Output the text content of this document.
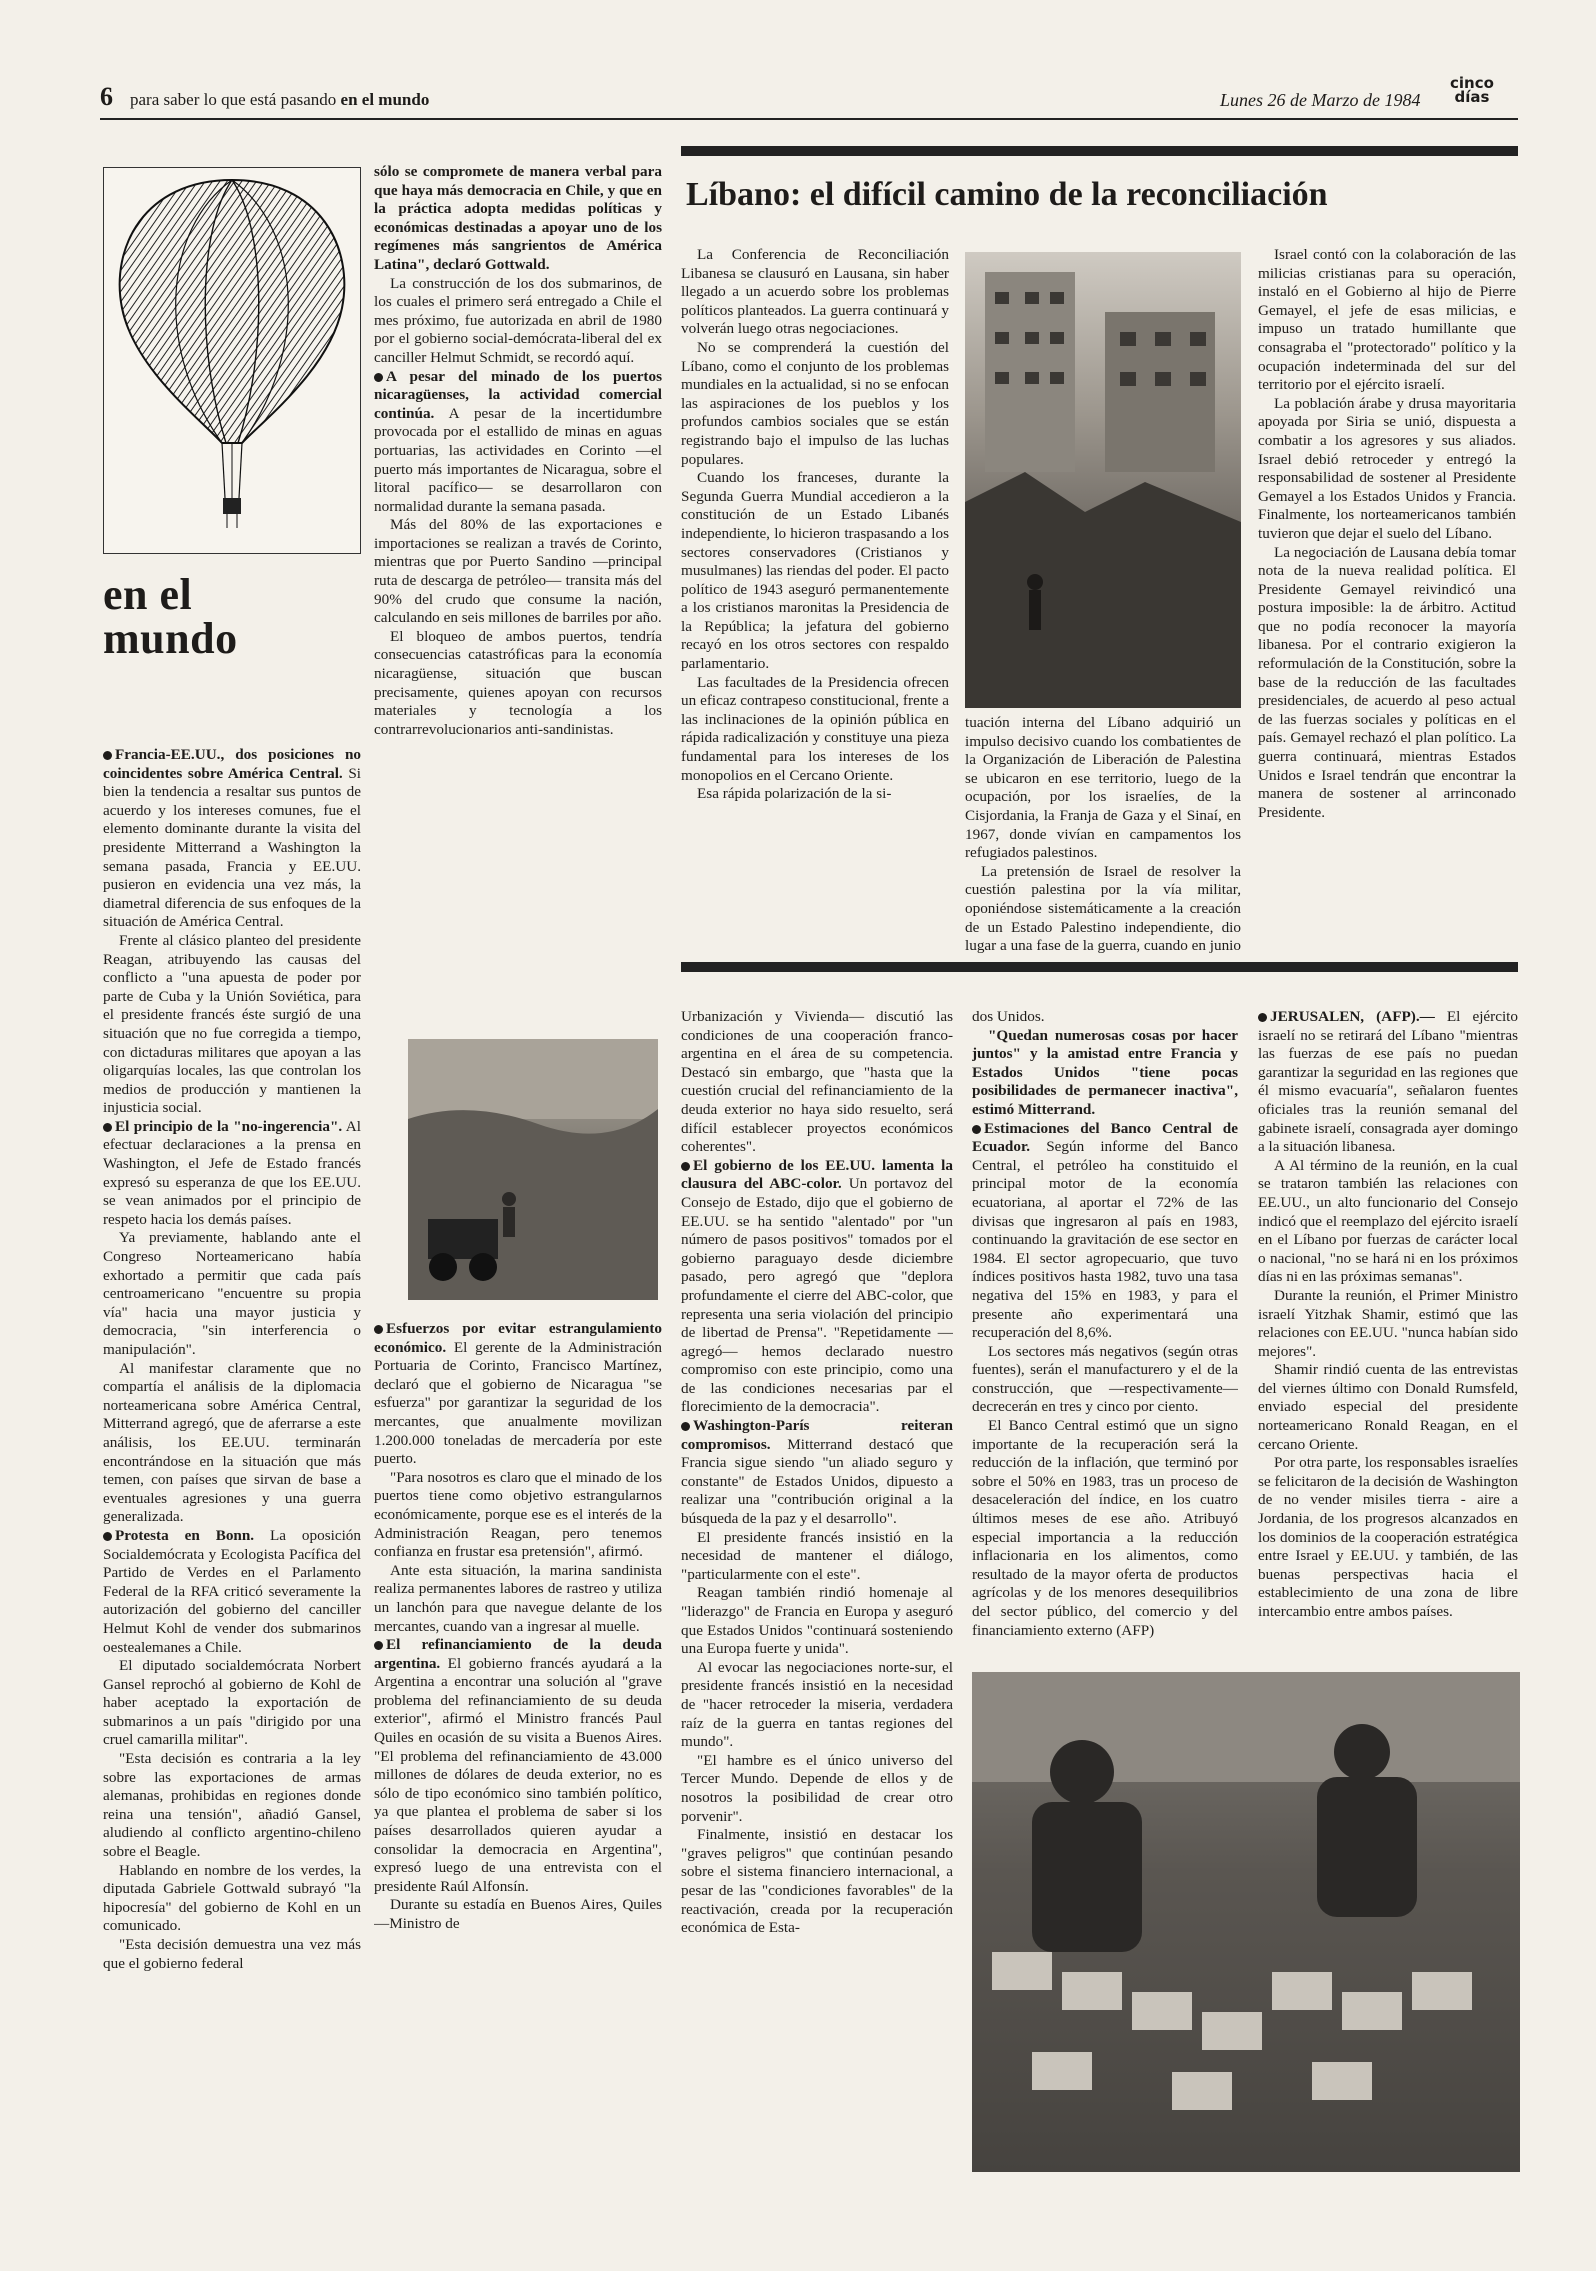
6 para saber lo que está pasando en el mundo	Lunes 26 de Marzo de 1984
cinco
días
en el
mundo

Francia-EE.UU., dos posiciones no coincidentes sobre América Central. Si bien la tendencia a resaltar sus puntos de acuerdo y los intereses comunes, fue el elemento dominante durante la visita del presidente Mitterrand a Washington la semana pasada, Francia y EE.UU. pusieron en evidencia una vez más, la diametral diferencia de sus enfoques de la situación de América Central.

Frente al clásico planteo del presidente Reagan, atribuyendo las causas del conflicto a "una apuesta de poder por parte de Cuba y la Unión Soviética, para el presidente francés éste surgió de una situación que no fue corregida a tiempo, con dictaduras militares que apoyan a las oligarquías locales, las que controlan los medios de producción y mantienen la injusticia social.

El principio de la "no-ingerencia". Al efectuar declaraciones a la prensa en Washington, el Jefe de Estado francés expresó su esperanza de que los EE.UU. se vean animados por el principio de respeto hacia los demás países.

Ya previamente, hablando ante el Congreso Norteamericano había exhortado a permitir que cada país centroamericano "encuentre su propia vía" hacia una mayor justicia y democracia, "sin interferencia o manipulación".

Al manifestar claramente que no compartía el análisis de la diplomacia norteamericana sobre América Central, Mitterrand agregó, que de aferrarse a este análisis, los EE.UU. terminarán encontrándose en la situación que más temen, con países que sirvan de base a eventuales agresiones y una guerra generalizada.

Protesta en Bonn. La oposición Socialdemócrata y Ecologista Pacífica del Partido de Verdes en el Parlamento Federal de la RFA criticó severamente la autorización del gobierno del canciller Helmut Kohl de vender dos submarinos oestealemanes a Chile.

El diputado socialdemócrata Norbert Gansel reprochó al gobierno de Kohl de haber aceptado la exportación de submarinos a un país "dirigido por una cruel camarilla militar".

"Esta decisión es contraria a la ley sobre las exportaciones de armas alemanas, prohibidas en regiones donde reina una tensión", añadió Gansel, aludiendo al conflicto argentino-chileno sobre el Beagle.

Hablando en nombre de los verdes, la diputada Gabriele Gottwald subrayó "la hipocresía" del gobierno de Kohl en un comunicado.

"Esta decisión demuestra una vez más que el gobierno federal

sólo se compromete de manera verbal para que haya más democracia en Chile, y que en la práctica adopta medidas políticas y económicas destinadas a apoyar uno de los regímenes más sangrientos de América Latina", declaró Gottwald.

La construcción de los dos submarinos, de los cuales el primero será entregado a Chile el mes próximo, fue autorizada en abril de 1980 por el gobierno social-demócrata-liberal del ex canciller Helmut Schmidt, se recordó aquí.

A pesar del minado de los puertos nicaragüenses, la actividad comercial continúa. A pesar de la incertidumbre provocada por el estallido de minas en aguas portuarias, las actividades en Corinto —el puerto más importantes de Nicaragua, sobre el litoral pacífico— se desarrollaron con normalidad durante la semana pasada.

Más del 80% de las exportaciones e importaciones se realizan a través de Corinto, mientras que por Puerto Sandino —principal ruta de descarga de petróleo— transita más del 90% del crudo que consume la nación, calculando en seis millones de barriles por año.

El bloqueo de ambos puertos, tendría consecuencias catastróficas para la economía nicaragüense, situación que buscan precisamente, quienes apoyan con recursos materiales y tecnología a los contrarrevolucionarios anti-sandinistas.

Esfuerzos por evitar estrangulamiento económico. El gerente de la Administración Portuaria de Corinto, Francisco Martínez, declaró que el gobierno de Nicaragua "se esfuerza" por garantizar la seguridad de los mercantes, que anualmente movilizan 1.200.000 toneladas de mercadería por este puerto.

"Para nosotros es claro que el minado de los puertos tiene como objetivo estrangularnos económicamente, porque ese es el interés de la Administración Reagan, pero tenemos confianza en frustar esa pretensión", afirmó.

Ante esta situación, la marina sandinista realiza permanentes labores de rastreo y utiliza un lanchón para que navegue delante de los mercantes, cuando van a ingresar al muelle.

El refinanciamiento de la deuda argentina. El gobierno francés ayudará a la Argentina a encontrar una solución al "grave problema del refinanciamiento de su deuda exterior", afirmó el Ministro francés Paul Quiles en ocasión de su visita a Buenos Aires. "El problema del refinanciamiento de 43.000 millones de dólares de deuda exterior, no es sólo de tipo económico sino también político, ya que plantea el problema de saber si los países desarrollados quieren ayudar a consolidar la democracia en Argentina", expresó luego de una entrevista con el presidente Raúl Alfonsín.

Durante su estadía en Buenos Aires, Quiles —Ministro de

Líbano: el difícil camino de la reconciliación

La Conferencia de Reconciliación Libanesa se clausuró en Lausana, sin haber llegado a un acuerdo sobre los problemas políticos planteados. La guerra continuará y volverán luego otras negociaciones.

No se comprenderá la cuestión del Líbano, como el conjunto de los problemas mundiales en la actualidad, si no se enfocan las aspiraciones de los pueblos y los profundos cambios sociales que se están registrando bajo el impulso de las luchas populares.

Cuando los franceses, durante la Segunda Guerra Mundial accedieron a la constitución de un Estado Libanés independiente, lo hicieron traspasando a los sectores conservadores (Cristianos y musulmanes) las riendas del poder. El pacto político de 1943 aseguró permanentemente a los cristianos maronitas la Presidencia de la República; la jefatura del gobierno recayó en los otros sectores con respaldo parlamentario.

Las facultades de la Presidencia ofrecen un eficaz contrapeso constitucional, frente a las inclinaciones de la opinión pública en rápida radicalización y constituye una pieza fundamental para los intereses de los monopolios en el Cercano Oriente.

Esa rápida polarización de la si-

tuación interna del Líbano adquirió un impulso decisivo cuando los combatientes de la Organización de Liberación de Palestina se ubicaron en ese territorio, luego de la ocupación, por los israelíes, de la Cisjordania, la Franja de Gaza y el Sinaí, en 1967, donde vivían en campamentos los refugiados palestinos.

La pretensión de Israel de resolver la cuestión palestina por la vía militar, oponiéndose sistemáticamente a la creación de un Estado Palestino independiente, dio lugar a una fase de la guerra, cuando en junio

Israel contó con la colaboración de las milicias cristianas para su operación, instaló en el Gobierno al hijo de Pierre Gemayel, el jefe de esas milicias, e impuso un tratado humillante que consagraba el "protectorado" político y la ocupación indeterminada del sur del territorio por el ejército israelí.

La población árabe y drusa mayoritaria apoyada por Siria se unió, dispuesta a combatir a los agresores y sus aliados. Israel debió retroceder y entregó la responsabilidad de sostener al Presidente Gemayel a los Estados Unidos y Francia. Finalmente, los norteamericanos también tuvieron que dejar el suelo del Líbano.

La negociación de Lausana debía tomar nota de la nueva realidad política. El Presidente Gemayel reivindicó una postura imposible: la de árbitro. Actitud que no podía reconocer la mayoría libanesa. Por el contrario exigieron la reformulación de la Constitución, sobre la base de la reducción de las facultades presidenciales, de acuerdo al peso actual de las fuerzas sociales y políticas en el país. Gemayel rechazó el plan político. La guerra continuará, mientras Estados Unidos e Israel tendrán que encontrar la manera de sostener al arrinconado Presidente.

Urbanización y Vivienda— discutió las condiciones de una cooperación franco-argentina en el área de su competencia. Destacó sin embargo, que "hasta que la cuestión crucial del refinanciamiento de la deuda exterior no haya sido resuelto, será difícil establecer proyectos económicos coherentes".

El gobierno de los EE.UU. lamenta la clausura del ABC-color. Un portavoz del Consejo de Estado, dijo que el gobierno de EE.UU. se ha sentido "alentado" por "un número de pasos positivos" tomados por el gobierno paraguayo desde diciembre pasado, pero agregó que "deplora profundamente el cierre del ABC-color, que representa una seria violación del principio de libertad de Prensa". "Repetidamente —agregó— hemos declarado nuestro compromiso con este principio, como una de las condiciones necesarias par el florecimiento de la democracia".

Washington-París reiteran compromisos. Mitterrand destacó que Francia sigue siendo "un aliado seguro y constante" de Estados Unidos, dipuesto a realizar una "contribución original a la búsqueda de la paz y el desarrollo".

El presidente francés insistió en la necesidad de mantener el diálogo, "particularmente con el este".

Reagan también rindió homenaje al "liderazgo" de Francia en Europa y aseguró que Estados Unidos "continuará sosteniendo una Europa fuerte y unida".

Al evocar las negociaciones norte-sur, el presidente francés insistió en la necesidad de "hacer retroceder la miseria, verdadera raíz de la guerra en tantas regiones del mundo".

"El hambre es el único universo del Tercer Mundo. Depende de ellos y de nosotros la posibilidad de crear otro porvenir".

Finalmente, insistió en destacar los "graves peligros" que continúan pesando sobre el sistema financiero internacional, a pesar de las "condiciones favorables" de la reactivación, creada por la recuperación económica de Esta-

dos Unidos.

"Quedan numerosas cosas por hacer juntos" y la amistad entre Francia y Estados Unidos "tiene pocas posibilidades de permanecer inactiva", estimó Mitterrand.

Estimaciones del Banco Central de Ecuador. Según informe del Banco Central, el petróleo ha constituido el principal motor de la economía ecuatoriana, al aportar el 72% de las divisas que ingresaron al país en 1983, continuando la gravitación de ese sector en 1984. El sector agropecuario, que tuvo índices positivos hasta 1982, tuvo una tasa negativa del 15% en 1983, y para el presente año experimentará una recuperación del 8,6%.

Los sectores más negativos (según otras fuentes), serán el manufacturero y el de la construcción, que —respectivamente— decrecerán en tres y cinco por ciento.

El Banco Central estimó que un signo importante de la recuperación será la reducción de la inflación, que terminó por sobre el 50% en 1983, tras un proceso de desaceleración del índice, en los cuatro últimos meses de ese año. Atribuyó especial importancia a la reducción inflacionaria en los alimentos, como resultado de la mayor oferta de productos agrícolas y de los menores desequilibrios del sector público, del comercio y del financiamiento externo (AFP)

JERUSALEN, (AFP).— El ejército israelí no se retirará del Líbano "mientras las fuerzas de ese país no puedan garantizar la seguridad en las regiones que él mismo evacuaría", señalaron fuentes oficiales tras la reunión semanal del gabinete israelí, consagrada ayer domingo a la situación libanesa.

A Al término de la reunión, en la cual se trataron también las relaciones con EE.UU., un alto funcionario del Consejo indicó que el reemplazo del ejército israelí en el Líbano por fuerzas de carácter local o nacional, "no se hará ni en los próximos días ni en las próximas semanas".

Durante la reunión, el Primer Ministro israelí Yitzhak Shamir, estimó que las relaciones con EE.UU. "nunca habían sido mejores".

Shamir rindió cuenta de las entrevistas del viernes último con Donald Rumsfeld, enviado especial del presidente norteamericano Ronald Reagan, en el cercano Oriente.

Por otra parte, los responsables israelíes se felicitaron de la decisión de Washington de no vender misiles tierra - aire a Jordania, de los progresos alcanzados en los dominios de la cooperación estratégica entre Israel y EE.UU. y también, de las buenas perspectivas hacia el establecimiento de una zona de libre intercambio entre ambos países.
